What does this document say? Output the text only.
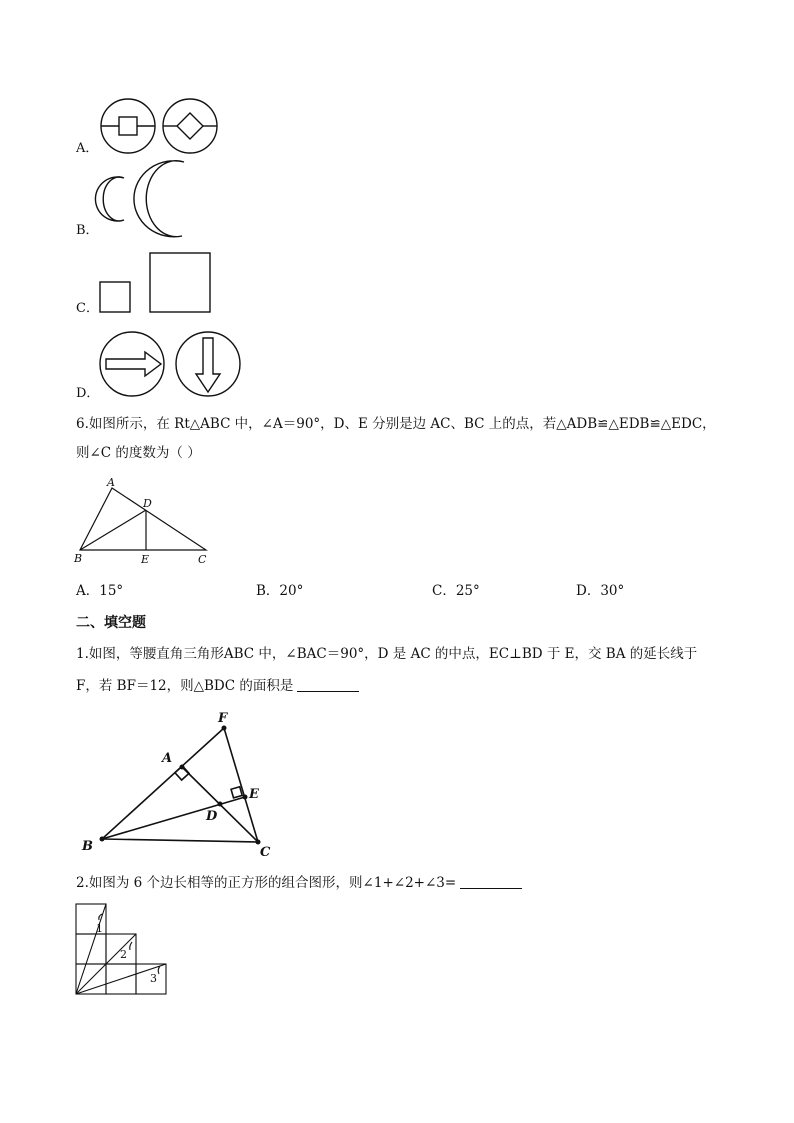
A．
B．
C．
D．
6.如图所示，在 Rt△ABC 中，∠A＝90°，D、E 分别是边 AC、BC 上的点，若△ADB≌△EDB≌△EDC，
则∠C 的度数为（ ）
A
D
B	E	C
A．15°	B．20°	C．25°	D．30°
二、填空题
1.如图，等腰直角三角形ABC 中，∠BAC＝90°，D 是 AC 的中点，EC⊥BD 于 E，交 BA 的延长线于
F，若 BF＝12，则△BDC 的面积是
F
A
E
D
B	C
2.如图为 6 个边长相等的正方形的组合图形，则∠1+∠2+∠3=
1
2
3
